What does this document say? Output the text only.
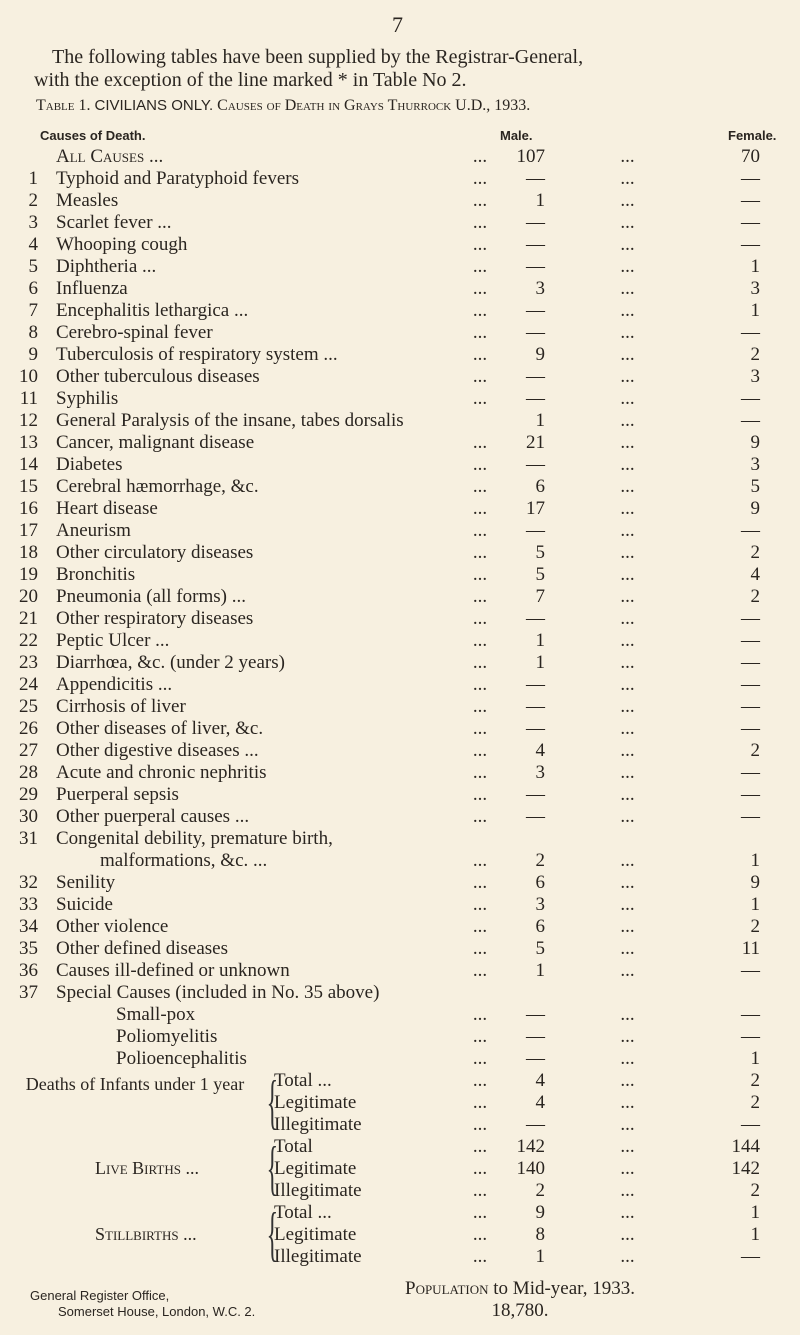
7
The following tables have been supplied by the Registrar-General,
with the exception of the line marked * in Table No 2.
Table 1. CIVILIANS ONLY. Causes of Death in Grays Thurrock U.D., 1933.
Causes of Death.	Male.	Female.
All Causes ...	...	107	...	70
1 Typhoid and Paratyphoid fevers	...	—	...	—
2 Measles	...	1	...	—
3 Scarlet fever ...	...	—	...	—
4 Whooping cough	...	—	...	—
5 Diphtheria ...	...	—	...	1
6 Influenza	...	3	...	3
7 Encephalitis lethargica ...	...	—	...	1
8 Cerebro-spinal fever	...	—	...	—
9 Tuberculosis of respiratory system ...	...	9	...	2
10 Other tuberculous diseases	...	—	...	3
11 Syphilis	...	—	...	—
12 General Paralysis of the insane, tabes dorsalis	1	...	—
13 Cancer, malignant disease	...	21	...	9
14 Diabetes	...	—	...	3
15 Cerebral hæmorrhage, &c.	...	6	...	5
16 Heart disease	...	17	...	9
17 Aneurism	...	—	...	—
18 Other circulatory diseases	...	5	...	2
19 Bronchitis	...	5	...	4
20 Pneumonia (all forms) ...	...	7	...	2
21 Other respiratory diseases	...	—	...	—
22 Peptic Ulcer ...	...	1	...	—
23 Diarrhœa, &c. (under 2 years)	...	1	...	—
24 Appendicitis ...	...	—	...	—
25 Cirrhosis of liver	...	—	...	—
26 Other diseases of liver, &c.	...	—	...	—
27 Other digestive diseases ...	...	4	...	2
28 Acute and chronic nephritis	...	3	...	—
29 Puerperal sepsis	...	—	...	—
30 Other puerperal causes ...	...	—	...	—
31 Congenital debility, premature birth,
malformations, &c. ...	...	2	...	1
32 Senility	...	6	...	9
33 Suicide	...	3	...	1
34 Other violence	...	6	...	2
35 Other defined diseases	...	5	...	11
36 Causes ill-defined or unknown	...	1	...	—
37 Special Causes (included in No. 35 above)
Small-pox	...	—	...	—
Poliomyelitis	...	—	...	—
Polioencephalitis	...	—	...	1
Deaths of Infants under 1 year {
Total ...	...	4	...	2
Legitimate	...	4	...	2
Illegitimate	...	—	...	—
Live Births ... {
Total	...	142	...	144
Legitimate	...	140	...	142
Illegitimate	...	2	...	2
Stillbirths ... {
Total ...	...	9	...	1
Legitimate	...	8	...	1
Illegitimate	...	1	...	—
General Register Office,
Somerset House, London, W.C. 2.
Population to Mid-year, 1933.
18,780.
